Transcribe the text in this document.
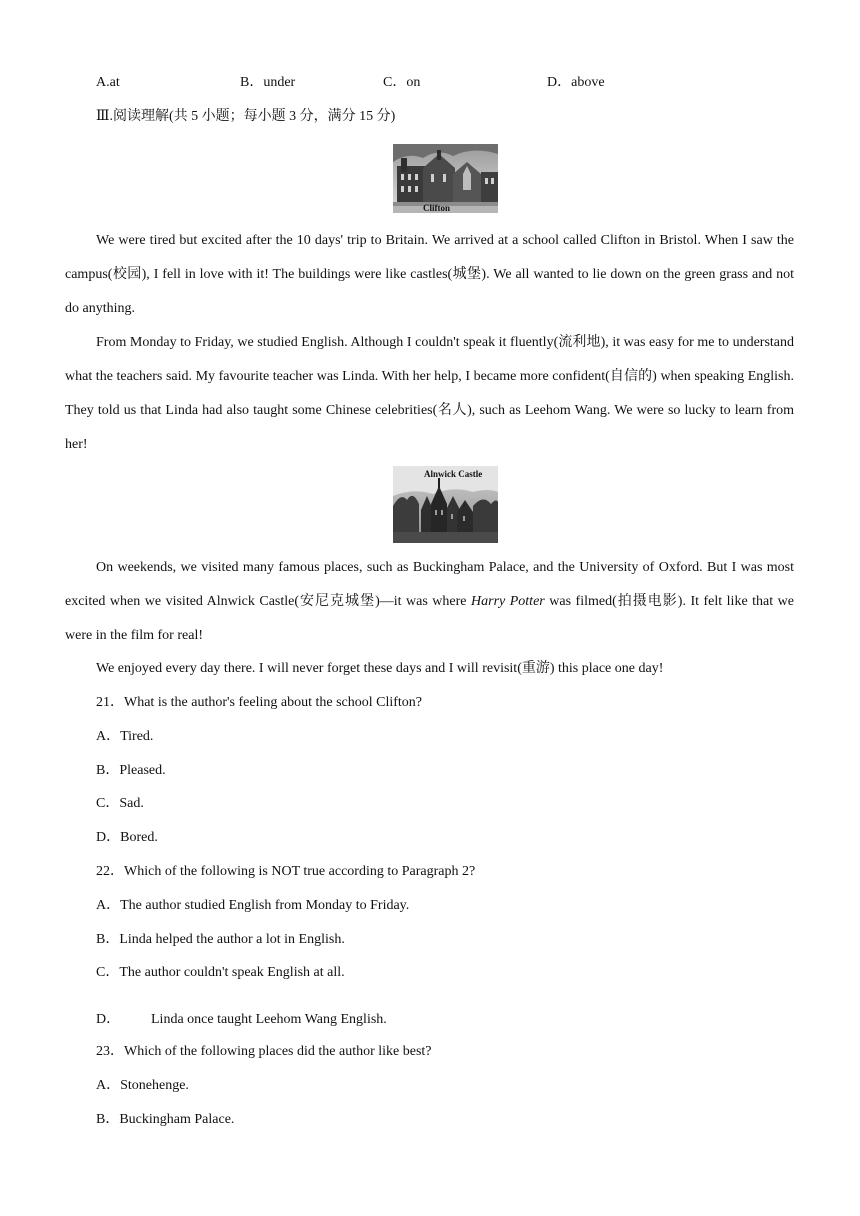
A.at	B．under	C．on	D．above
Ⅲ.阅读理解(共 5 小题；每小题 3 分，满分 15 分)
Clifton
We were tired but excited after the 10 days' trip to Britain. We arrived at a school called Clifton in Bristol. When I saw the campus(校园), I fell in love with it! The buildings were like castles(城堡). We all wanted to lie down on the green grass and not do anything.
From Monday to Friday, we studied English. Although I couldn't speak it fluently(流利地), it was easy for me to understand what the teachers said. My favourite teacher was Linda. With her help, I became more confident(自信的) when speaking English. They told us that Linda had also taught some Chinese celebrities(名人), such as Leehom Wang. We were so lucky to learn from her!
Alnwick Castle
On weekends, we visited many famous places, such as Buckingham Palace, and the University of Oxford. But I was most excited when we visited Alnwick Castle(安尼克城堡)—it was where Harry Potter was filmed(拍摄电影). It felt like that we were in the film for real!
We enjoyed every day there. I will never forget these days and I will revisit(重游) this place one day!
21．What is the author's feeling about the school Clifton?
A．Tired.
B．Pleased.
C．Sad.
D．Bored.
22．Which of the following is NOT true according to Paragraph 2?
A．The author studied English from Monday to Friday.
B．Linda helped the author a lot in English.
C．The author couldn't speak English at all.
D． Linda once taught Leehom Wang English.
23．Which of the following places did the author like best?
A．Stonehenge.
B．Buckingham Palace.
